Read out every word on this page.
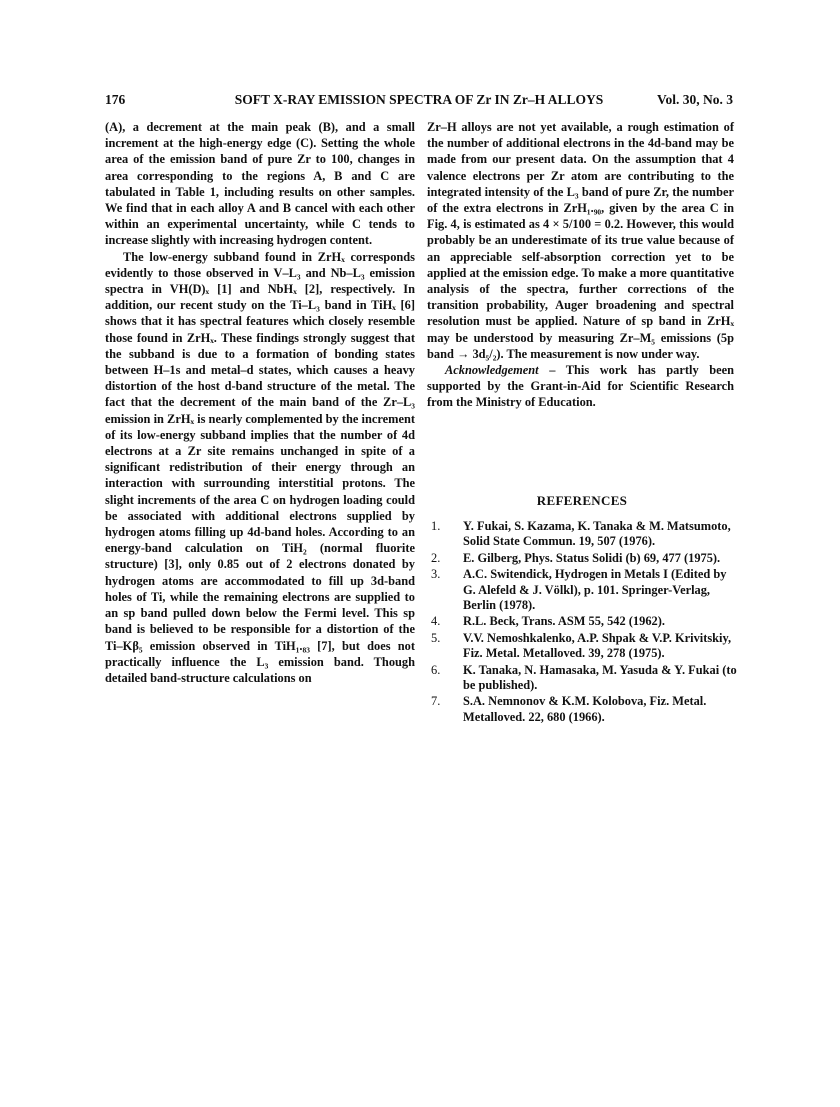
176	SOFT X-RAY EMISSION SPECTRA OF Zr IN Zr–H ALLOYS	Vol. 30, No. 3

(A), a decrement at the main peak (B), and a small increment at the high-energy edge (C). Setting the whole area of the emission band of pure Zr to 100, changes in area corresponding to the regions A, B and C are tabulated in Table 1, including results on other samples. We find that in each alloy A and B cancel with each other within an experimental uncertainty, while C tends to increase slightly with increasing hydrogen content.

The low-energy subband found in ZrHₓ corresponds evidently to those observed in V–L₃ and Nb–L₃ emission spectra in VH(D)ₓ [1] and NbHₓ [2], respectively. In addition, our recent study on the Ti–L₃ band in TiHₓ [6] shows that it has spectral features which closely resemble those found in ZrHₓ. These findings strongly suggest that the subband is due to a formation of bonding states between H–1s and metal–d states, which causes a heavy distortion of the host d-band structure of the metal. The fact that the decrement of the main band of the Zr–L₃ emission in ZrHₓ is nearly complemented by the increment of its low-energy subband implies that the number of 4d electrons at a Zr site remains unchanged in spite of a significant redistribution of their energy through an interaction with surrounding interstitial protons. The slight increments of the area C on hydrogen loading could be associated with additional electrons supplied by hydrogen atoms filling up 4d-band holes. According to an energy-band calculation on TiH₂ (normal fluorite structure) [3], only 0.85 out of 2 electrons donated by hydrogen atoms are accommodated to fill up 3d-band holes of Ti, while the remaining electrons are supplied to an sp band pulled down below the Fermi level. This sp band is believed to be responsible for a distortion of the Ti–Kβ₅ emission observed in TiH₁.₈₃ [7], but does not practically influence the L₃ emission band. Though detailed band-structure calculations on

Zr–H alloys are not yet available, a rough estimation of the number of additional electrons in the 4d-band may be made from our present data. On the assumption that 4 valence electrons per Zr atom are contributing to the integrated intensity of the L₃ band of pure Zr, the number of the extra electrons in ZrH₁.₉₀, given by the area C in Fig. 4, is estimated as 4 × 5/100 = 0.2. However, this would probably be an underestimate of its true value because of an appreciable self-absorption correction yet to be applied at the emission edge. To make a more quantitative analysis of the spectra, further corrections of the transition probability, Auger broadening and spectral resolution must be applied. Nature of sp band in ZrHₓ may be understood by measuring Zr–M₅ emissions (5p band → 3d₅/₂). The measurement is now under way.

Acknowledgement – This work has partly been supported by the Grant-in-Aid for Scientific Research from the Ministry of Education.

REFERENCES
1. Y. Fukai, S. Kazama, K. Tanaka & M. Matsumoto, Solid State Commun. 19, 507 (1976).
2. E. Gilberg, Phys. Status Solidi (b) 69, 477 (1975).
3. A.C. Switendick, Hydrogen in Metals I (Edited by G. Alefeld & J. Völkl), p. 101. Springer-Verlag, Berlin (1978).
4. R.L. Beck, Trans. ASM 55, 542 (1962).
5. V.V. Nemoshkalenko, A.P. Shpak & V.P. Krivitskiy, Fiz. Metal. Metalloved. 39, 278 (1975).
6. K. Tanaka, N. Hamasaka, M. Yasuda & Y. Fukai (to be published).
7. S.A. Nemnonov & K.M. Kolobova, Fiz. Metal. Metalloved. 22, 680 (1966).
